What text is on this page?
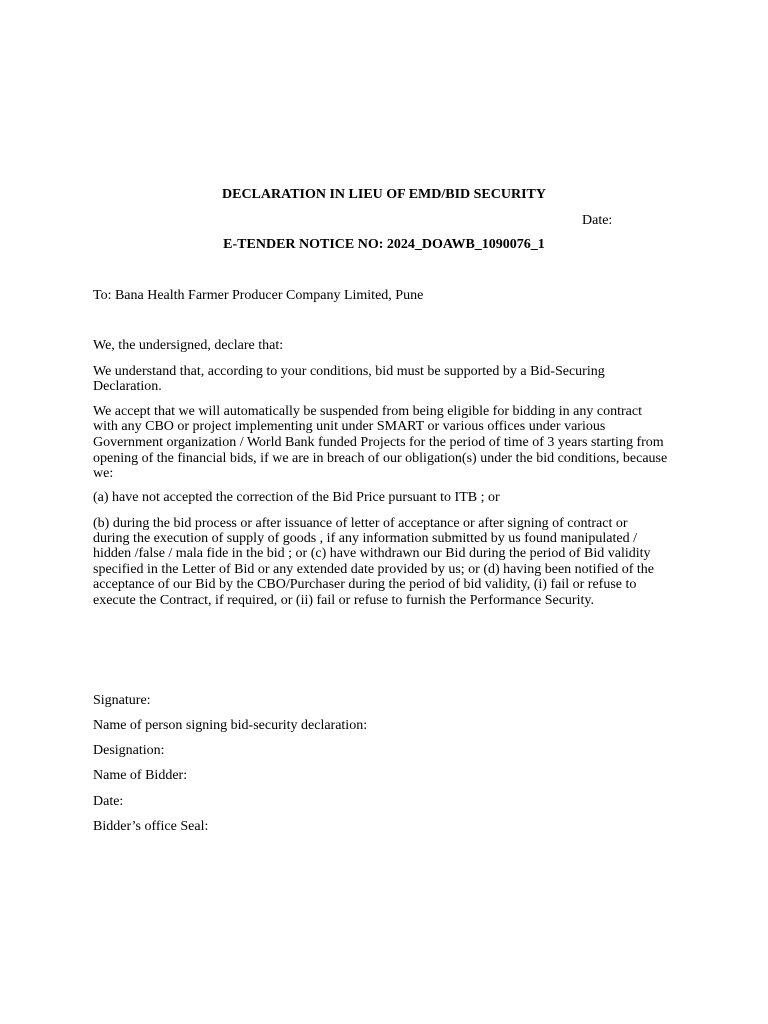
DECLARATION IN LIEU OF EMD/BID SECURITY

Date:

E-TENDER NOTICE NO: 2024_DOAWB_1090076_1

To: Bana Health Farmer Producer Company Limited, Pune

We, the undersigned, declare that:

We understand that, according to your conditions, bid must be supported by a Bid-Securing

Declaration.

We accept that we will automatically be suspended from being eligible for bidding in any contract

with any CBO or project implementing unit under SMART or various offices under various

Government organization / World Bank funded Projects for the period of time of 3 years starting from

opening of the financial bids, if we are in breach of our obligation(s) under the bid conditions, because

we:

(a) have not accepted the correction of the Bid Price pursuant to ITB ; or

(b) during the bid process or after issuance of letter of acceptance or after signing of contract or

during the execution of supply of goods , if any information submitted by us found manipulated /

hidden /false / mala fide in the bid ; or (c) have withdrawn our Bid during the period of Bid validity

specified in the Letter of Bid or any extended date provided by us; or (d) having been notified of the

acceptance of our Bid by the CBO/Purchaser during the period of bid validity, (i) fail or refuse to

execute the Contract, if required, or (ii) fail or refuse to furnish the Performance Security.

Signature:

Name of person signing bid-security declaration:

Designation:

Name of Bidder:

Date:

Bidder’s office Seal:
